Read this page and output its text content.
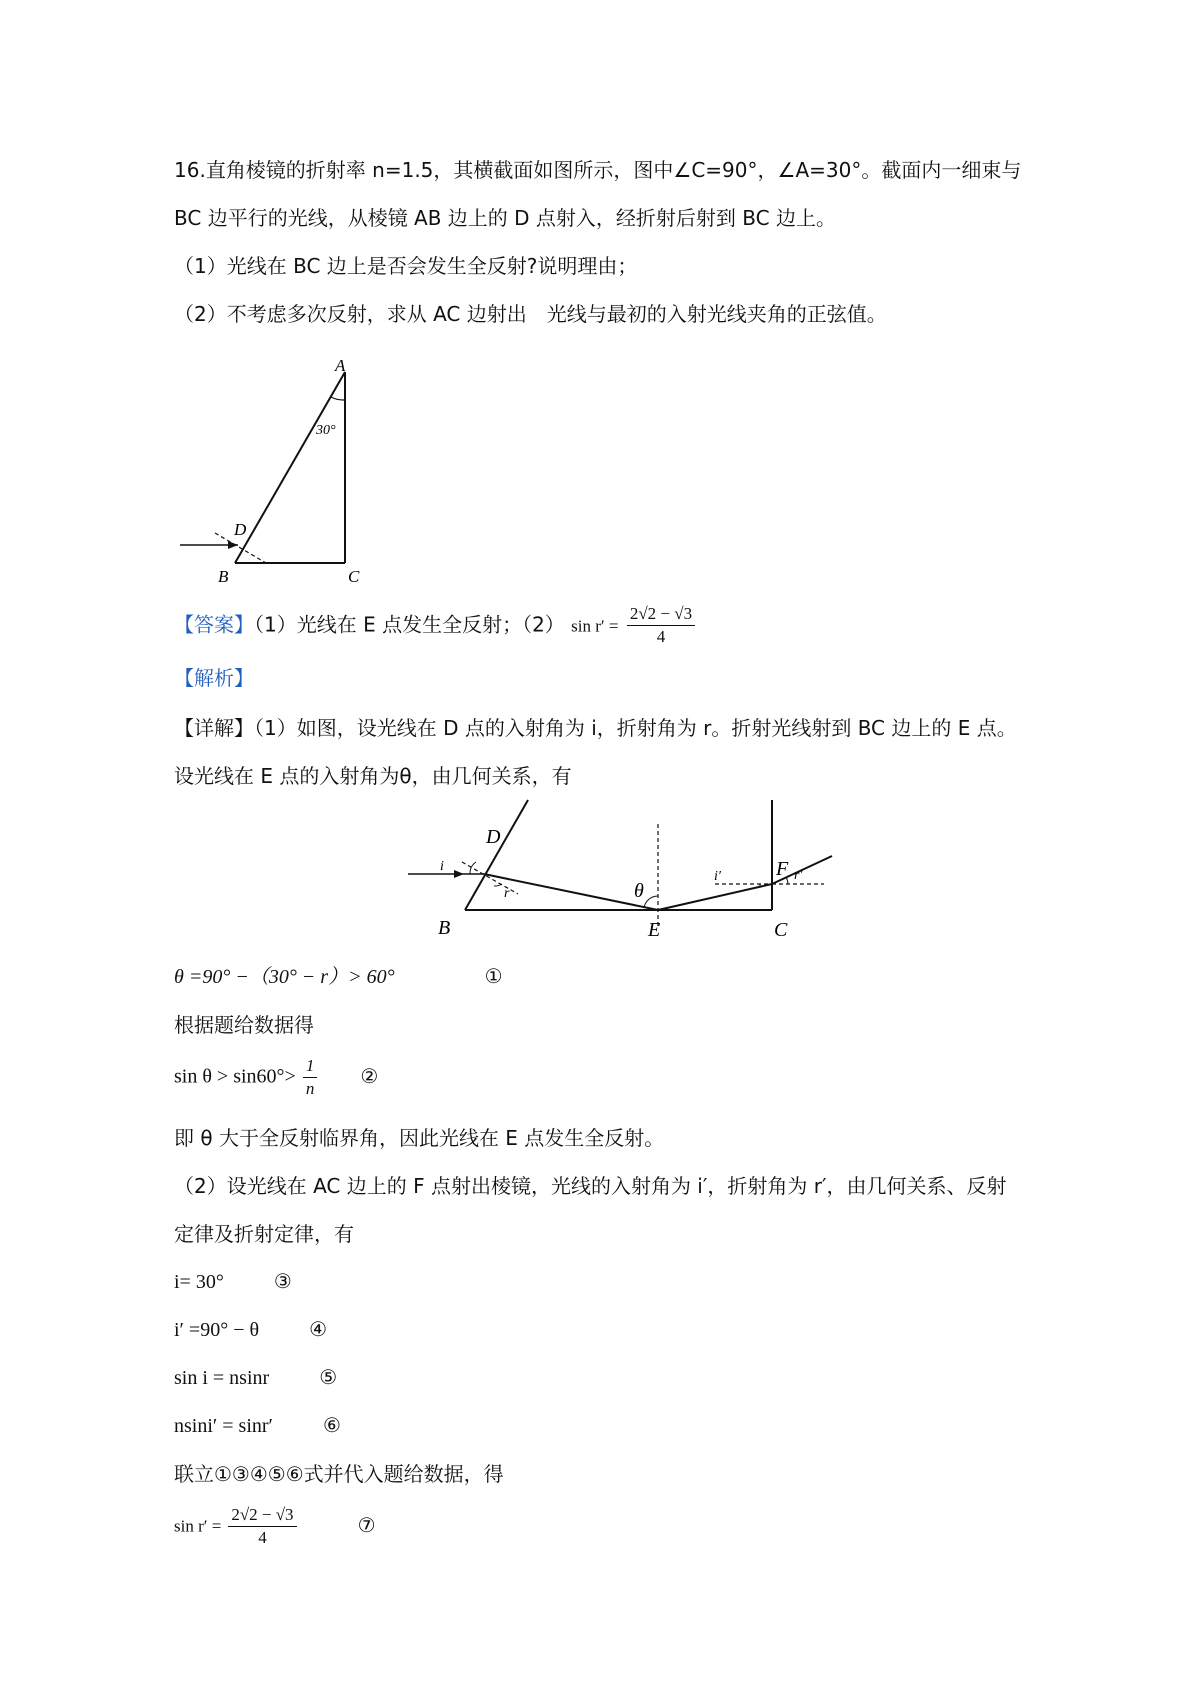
16.直角棱镜的折射率 n=1.5，其横截面如图所示，图中∠C=90°，∠A=30°。截面内一细束与
BC 边平行的光线，从棱镜 AB 边上的 D 点射入，经折射后射到 BC 边上。
（1）光线在 BC 边上是否会发生全反射?说明理由；
（2）不考虑多次反射，求从 AC 边射出　光线与最初的入射光线夹角的正弦值。
A
30°
D
B	C
【答案】（1）光线在 E 点发生全反射；（2） $\sin r' = \frac{2√2 - √3}{4}$
【解析】
【详解】（1）如图，设光线在 D 点的入射角为 i，折射角为 r。折射光线射到 BC 边上的 E 点。
设光线在 E 点的入射角为θ，由几何关系，有
D
i
r	θ
i′	F r′
B	E	C
θ =90° −（30° − r）> 60°	①
根据题给数据得
$\sin \theta > \sin 60^\circ> \frac{1}{n}$ ②
即 θ 大于全反射临界角，因此光线在 E 点发生全反射。
（2）设光线在 AC 边上的 F 点射出棱镜，光线的入射角为 i′，折射角为 r′，由几何关系、反射
定律及折射定律，有
i= 30°	③
i′ =90° − θ	④
sin i = nsinr	⑤
nsini′ = sinr′	⑥
联立①③④⑤⑥式并代入题给数据，得
$\sin r' = \frac{2√2 - √3}{4}$	⑦
